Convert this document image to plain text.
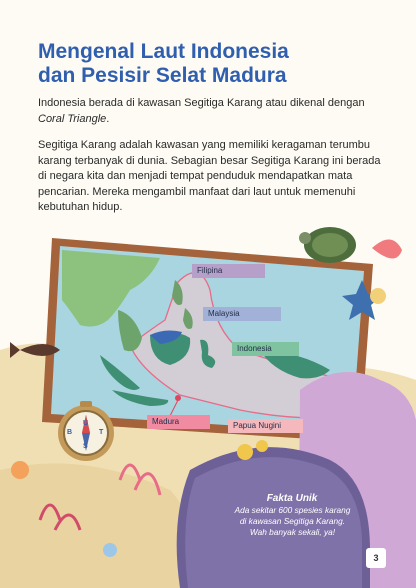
Mengenal Laut Indonesia
dan Pesisir Selat Madura
Indonesia berada di kawasan Segitiga Karang atau dikenal dengan Coral Triangle.
Segitiga Karang adalah kawasan yang memiliki keragaman terumbu karang terbanyak di dunia. Sebagian besar Segitiga Karang ini berada di negara kita dan menjadi tempat penduduk mendapatkan mata pencarian. Mereka mengambil manfaat dari laut untuk memenuhi kebutuhan hidup.
Filipina
Malaysia
Indonesia
Madura	Papua Nugini
U
B	T
S
Fakta Unik
Ada sekitar 600 spesies karang
di kawasan Segitiga Karang.
Wah banyak sekali, ya!
3
